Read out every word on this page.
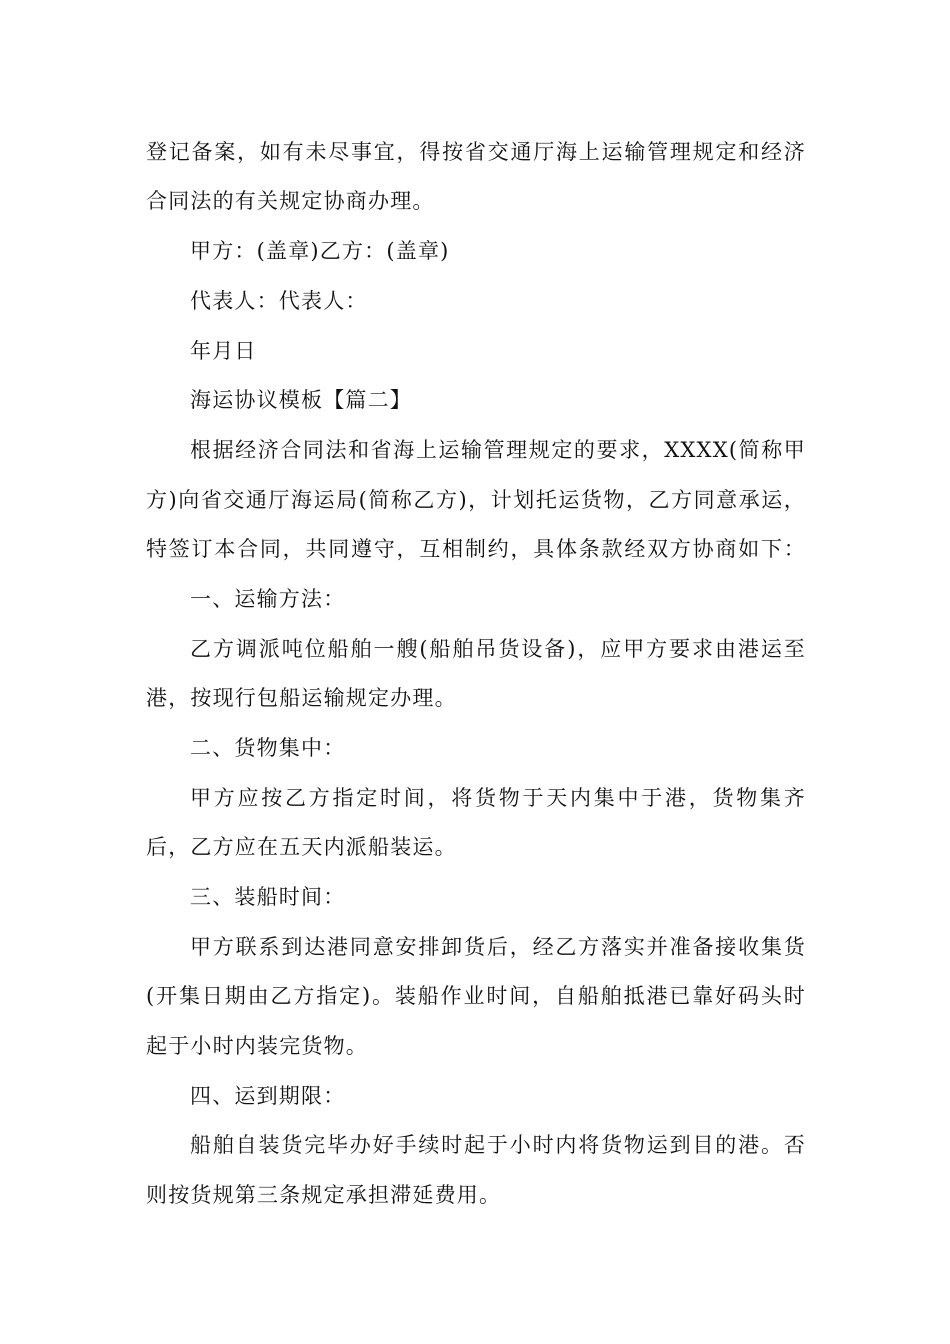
登记备案，如有未尽事宜，得按省交通厅海上运输管理规定和经济
合同法的有关规定协商办理。
甲方：(盖章)乙方：(盖章)
代表人：代表人：
年月日
海运协议模板【篇二】
根据经济合同法和省海上运输管理规定的要求，XXXX(简称甲
方)向省交通厅海运局(简称乙方)，计划托运货物，乙方同意承运，
特签订本合同，共同遵守，互相制约，具体条款经双方协商如下：
一、运输方法：
乙方调派吨位船舶一艘(船舶吊货设备)，应甲方要求由港运至
港，按现行包船运输规定办理。
二、货物集中：
甲方应按乙方指定时间，将货物于天内集中于港，货物集齐
后，乙方应在五天内派船装运。
三、装船时间：
甲方联系到达港同意安排卸货后，经乙方落实并准备接收集货
(开集日期由乙方指定)。装船作业时间，自船舶抵港已靠好码头时
起于小时内装完货物。
四、运到期限：
船舶自装货完毕办好手续时起于小时内将货物运到目的港。否
则按货规第三条规定承担滞延费用。
